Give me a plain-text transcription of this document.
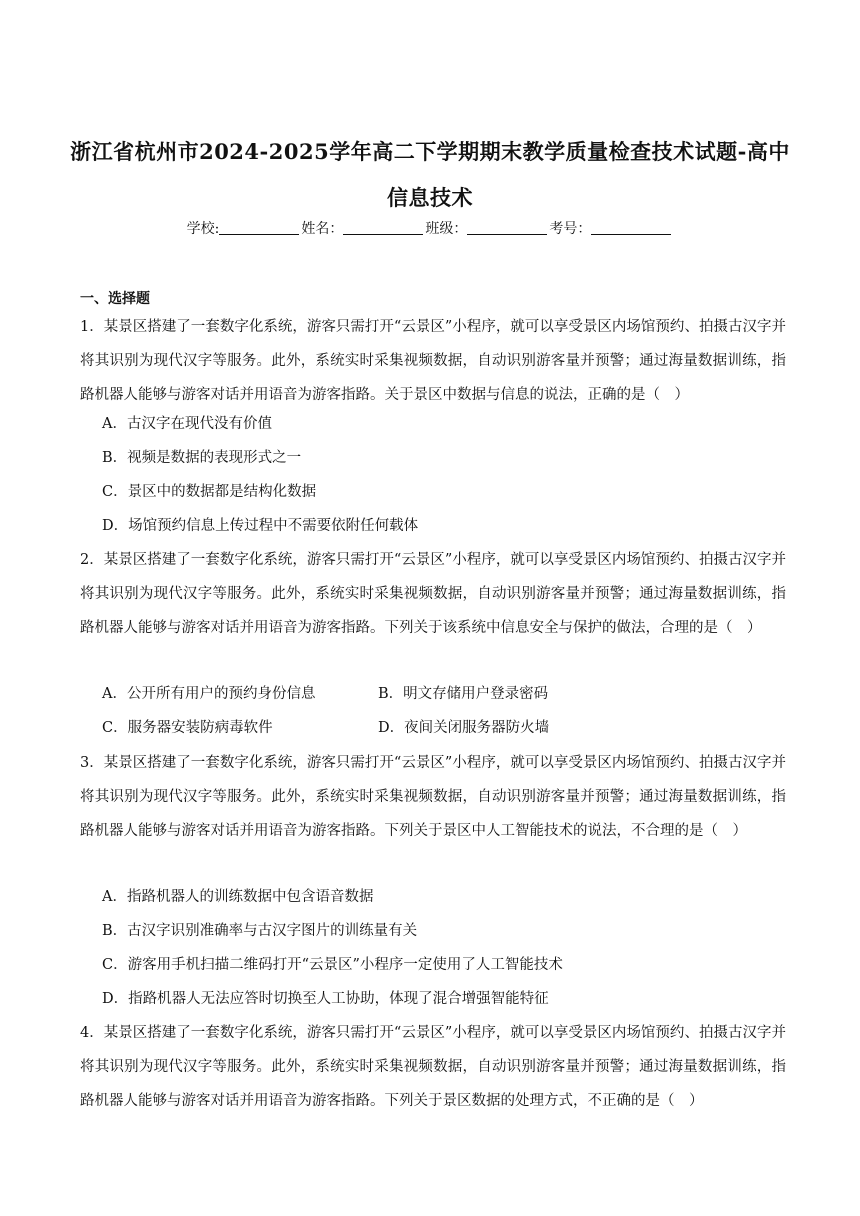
浙江省杭州市2024-2025学年高二下学期期末教学质量检查技术试题-高中
信息技术
学校:	姓名：	班级：	考号：
一、选择题
1．某景区搭建了一套数字化系统，游客只需打开“云景区”小程序，就可以享受景区内场馆预约、拍摄古汉字并将其识别为现代汉字等服务。此外，系统实时采集视频数据，自动识别游客量并预警；通过海量数据训练，指路机器人能够与游客对话并用语音为游客指路。关于景区中数据与信息的说法，正确的是（　）
A．古汉字在现代没有价值
B．视频是数据的表现形式之一
C．景区中的数据都是结构化数据
D．场馆预约信息上传过程中不需要依附任何载体
2．某景区搭建了一套数字化系统，游客只需打开“云景区”小程序，就可以享受景区内场馆预约、拍摄古汉字并将其识别为现代汉字等服务。此外，系统实时采集视频数据，自动识别游客量并预警；通过海量数据训练，指路机器人能够与游客对话并用语音为游客指路。下列关于该系统中信息安全与保护的做法，合理的是（　）
A．公开所有用户的预约身份信息	B．明文存储用户登录密码
C．服务器安装防病毒软件	D．夜间关闭服务器防火墙
3．某景区搭建了一套数字化系统，游客只需打开“云景区”小程序，就可以享受景区内场馆预约、拍摄古汉字并将其识别为现代汉字等服务。此外，系统实时采集视频数据，自动识别游客量并预警；通过海量数据训练，指路机器人能够与游客对话并用语音为游客指路。下列关于景区中人工智能技术的说法，不合理的是（　）
A．指路机器人的训练数据中包含语音数据
B．古汉字识别准确率与古汉字图片的训练量有关
C．游客用手机扫描二维码打开“云景区”小程序一定使用了人工智能技术
D．指路机器人无法应答时切换至人工协助，体现了混合增强智能特征
4．某景区搭建了一套数字化系统，游客只需打开“云景区”小程序，就可以享受景区内场馆预约、拍摄古汉字并将其识别为现代汉字等服务。此外，系统实时采集视频数据，自动识别游客量并预警；通过海量数据训练，指路机器人能够与游客对话并用语音为游客指路。下列关于景区数据的处理方式，不正确的是（　）
